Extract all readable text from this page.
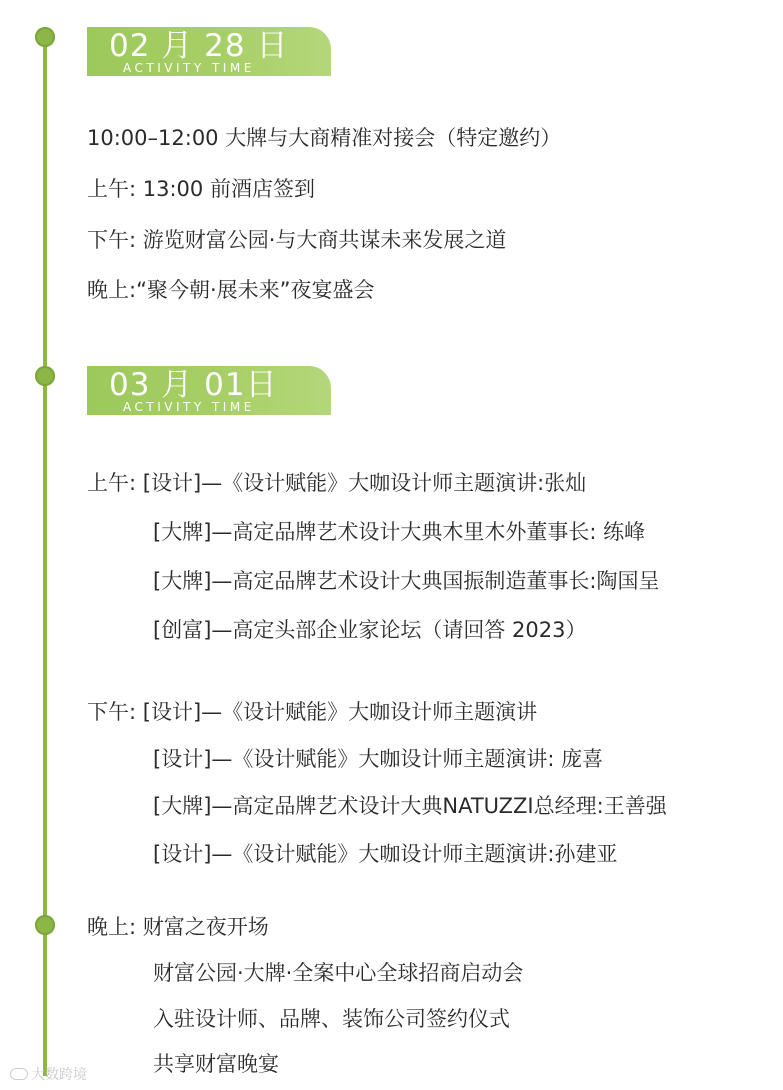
02 月 28 日
ACTIVITY TIME
10:00–12:00 大牌与大商精准对接会（特定邀约）
上午: 13:00 前酒店签到
下午: 游览财富公园·与大商共谋未来发展之道
晚上:“聚今朝·展未来”夜宴盛会
03 月 01日
ACTIVITY TIME
上午: [设计]—《设计赋能》大咖设计师主题演讲:张灿
[大牌]—高定品牌艺术设计大典木里木外董事长: 练峰
[大牌]—高定品牌艺术设计大典国振制造董事长:陶国呈
[创富]—高定头部企业家论坛（请回答 2023）
下午: [设计]—《设计赋能》大咖设计师主题演讲
[设计]—《设计赋能》大咖设计师主题演讲: 庞喜
[大牌]—高定品牌艺术设计大典NATUZZI总经理:王善强
[设计]—《设计赋能》大咖设计师主题演讲:孙建亚
晚上: 财富之夜开场
财富公园·大牌·全案中心全球招商启动会
入驻设计师、品牌、装饰公司签约仪式
共享财富晚宴
大数跨境
